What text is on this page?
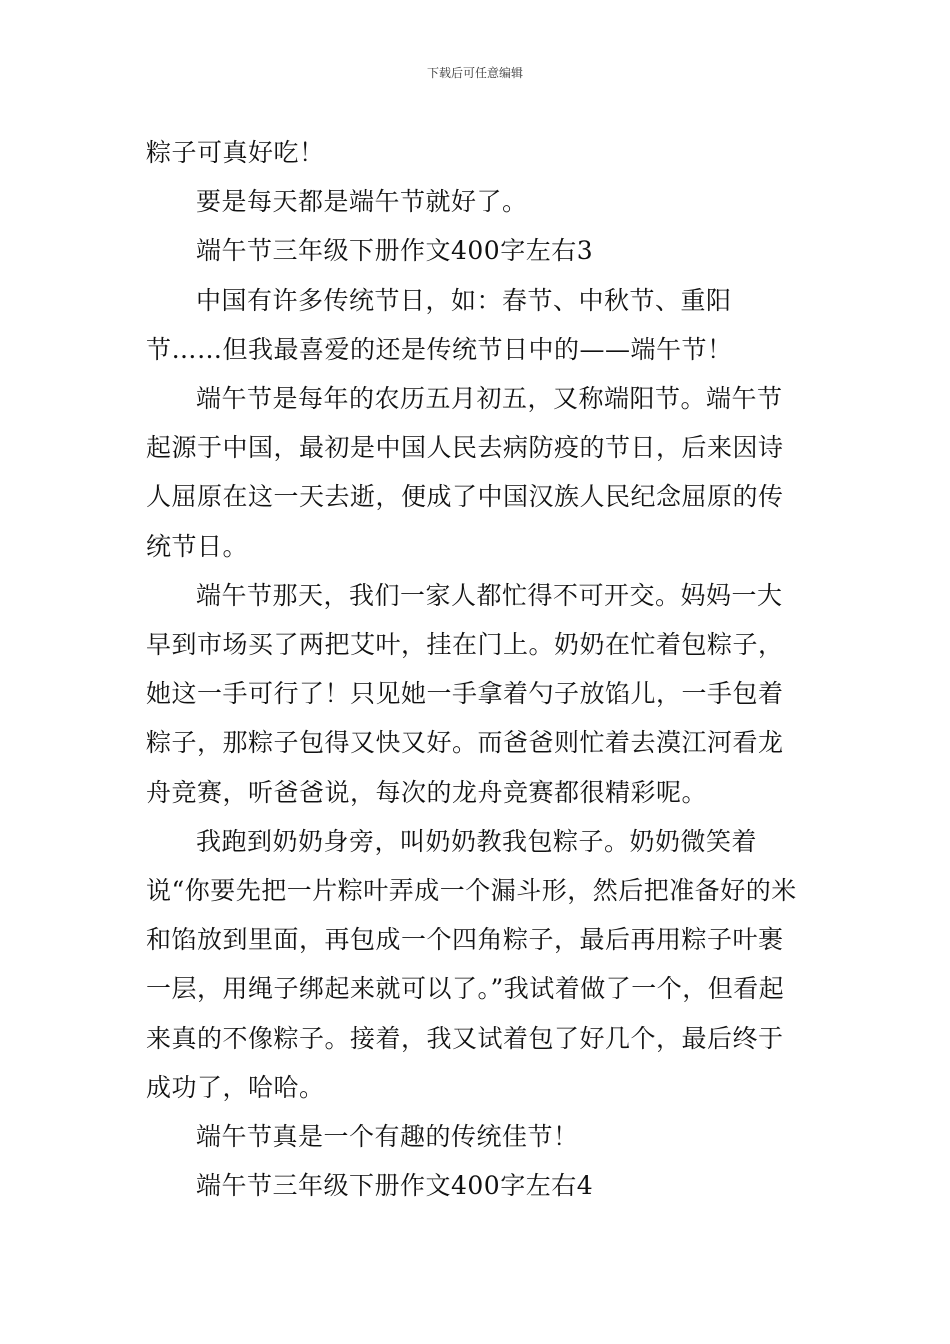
下载后可任意编辑

粽子可真好吃！

要是每天都是端午节就好了。

端午节三年级下册作文400字左右3

中国有许多传统节日，如：春节、中秋节、重阳节……但我最喜爱的还是传统节日中的——端午节！

端午节是每年的农历五月初五，又称端阳节。端午节起源于中国，最初是中国人民去病防疫的节日，后来因诗人屈原在这一天去逝，便成了中国汉族人民纪念屈原的传统节日。

端午节那天，我们一家人都忙得不可开交。妈妈一大早到市场买了两把艾叶，挂在门上。奶奶在忙着包粽子，她这一手可行了！只见她一手拿着勺子放馅儿，一手包着粽子，那粽子包得又快又好。而爸爸则忙着去漠江河看龙舟竞赛，听爸爸说，每次的龙舟竞赛都很精彩呢。

我跑到奶奶身旁，叫奶奶教我包粽子。奶奶微笑着说“你要先把一片粽叶弄成一个漏斗形，然后把准备好的米和馅放到里面，再包成一个四角粽子，最后再用粽子叶裹一层，用绳子绑起来就可以了。”我试着做了一个，但看起来真的不像粽子。接着，我又试着包了好几个，最后终于成功了，哈哈。

端午节真是一个有趣的传统佳节！

端午节三年级下册作文400字左右4
